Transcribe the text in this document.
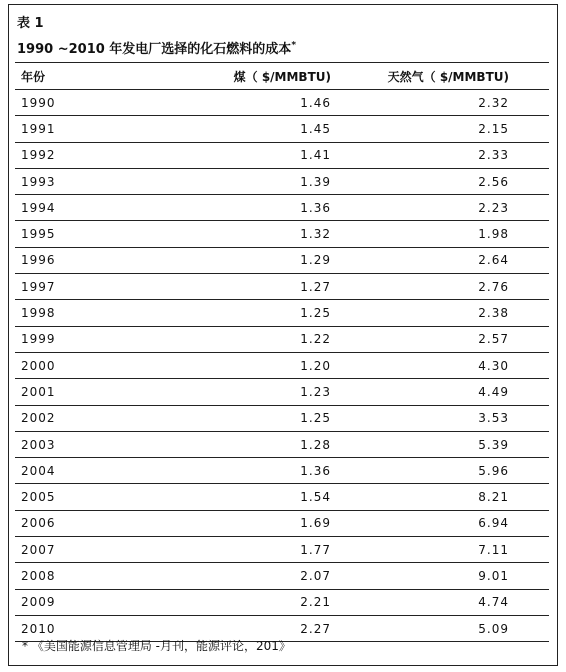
表 1
1990 ~2010 年发电厂选择的化石燃料的成本*
年份	煤（ $/MMBTU)	天然气（ $/MMBTU)
1990	1.46	2.32
1991	1.45	2.15
1992	1.41	2.33
1993	1.39	2.56
1994	1.36	2.23
1995	1.32	1.98
1996	1.29	2.64
1997	1.27	2.76
1998	1.25	2.38
1999	1.22	2.57
2000	1.20	4.30
2001	1.23	4.49
2002	1.25	3.53
2003	1.28	5.39
2004	1.36	5.96
2005	1.54	8.21
2006	1.69	6.94
2007	1.77	7.11
2008	2.07	9.01
2009	2.21	4.74
2010	2.27	5.09
* 《美国能源信息管理局 -月刊，能源评论，201》
